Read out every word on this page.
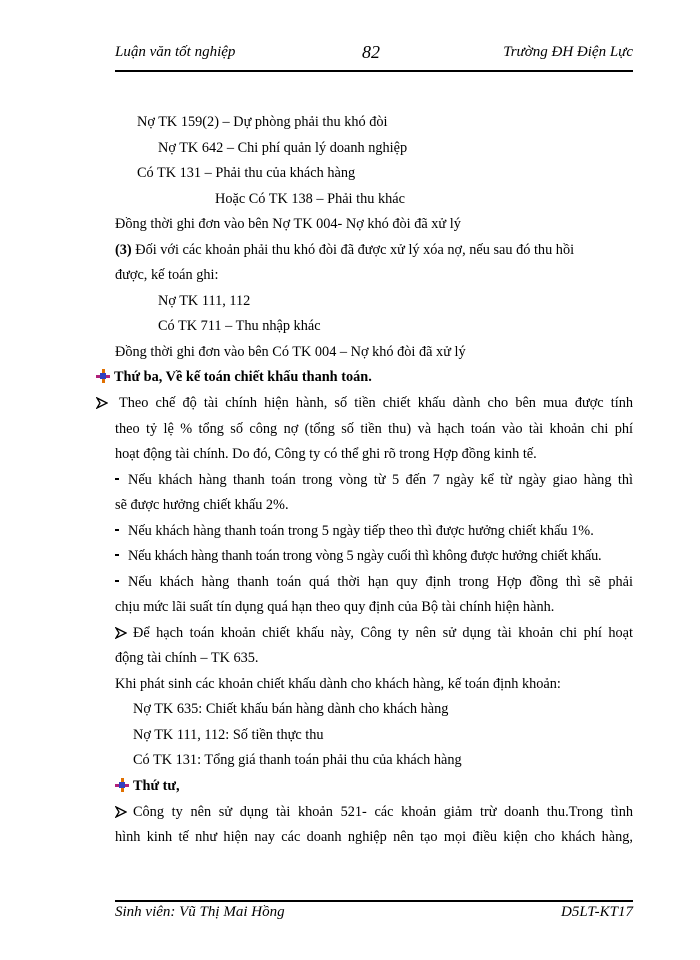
Luận văn tốt nghiệp	82	Trường ĐH Điện Lực
Nợ TK 159(2) – Dự phòng phải thu khó đòi
Nợ TK 642 – Chi phí quản lý doanh nghiệp
Có TK 131 – Phải thu của khách hàng
Hoặc Có TK 138 – Phải thu khác
Đồng thời ghi đơn vào bên Nợ TK 004- Nợ khó đòi đã xử lý
(3) Đối với các khoản phải thu khó đòi đã được xử lý xóa nợ, nếu sau đó thu hồi
được, kế toán ghi:
Nợ TK 111, 112
Có TK 711 – Thu nhập khác
Đồng thời ghi đơn vào bên Có TK 004 – Nợ khó đòi đã xử lý
Thứ ba, Về kế toán chiết khấu thanh toán.
Theo chế độ tài chính hiện hành, số tiền chiết khấu dành cho bên mua được tính
theo tỷ lệ % tổng số công nợ (tổng số tiền thu) và hạch toán vào tài khoản chi phí
hoạt động tài chính. Do đó, Công ty có thể ghi rõ trong Hợp đồng kinh tế.
Nếu khách hàng thanh toán trong vòng từ 5 đến 7 ngày kể từ ngày giao hàng thì
sẽ được hưởng chiết khấu 2%.
Nếu khách hàng thanh toán trong 5 ngày tiếp theo thì được hưởng chiết khấu 1%.
Nếu khách hàng thanh toán trong vòng 5 ngày cuối thì không được hưởng chiết khấu.
Nếu khách hàng thanh toán quá thời hạn quy định trong Hợp đồng thì sẽ phải
chịu mức lãi suất tín dụng quá hạn theo quy định của Bộ tài chính hiện hành.
Để hạch toán khoản chiết khấu này, Công ty nên sử dụng tài khoản chi phí hoạt
động tài chính – TK 635.
Khi phát sinh các khoản chiết khấu dành cho khách hàng, kế toán định khoản:
Nợ TK 635: Chiết khấu bán hàng dành cho khách hàng
Nợ TK 111, 112: Số tiền thực thu
Có TK 131: Tổng giá thanh toán phải thu của khách hàng
Thứ tư,
Công ty nên sử dụng tài khoản 521- các khoản giảm trừ doanh thu.Trong tình
hình kinh tế như hiện nay các doanh nghiệp nên tạo mọi điều kiện cho khách hàng,
Sinh viên: Vũ Thị Mai Hồng	D5LT-KT17
